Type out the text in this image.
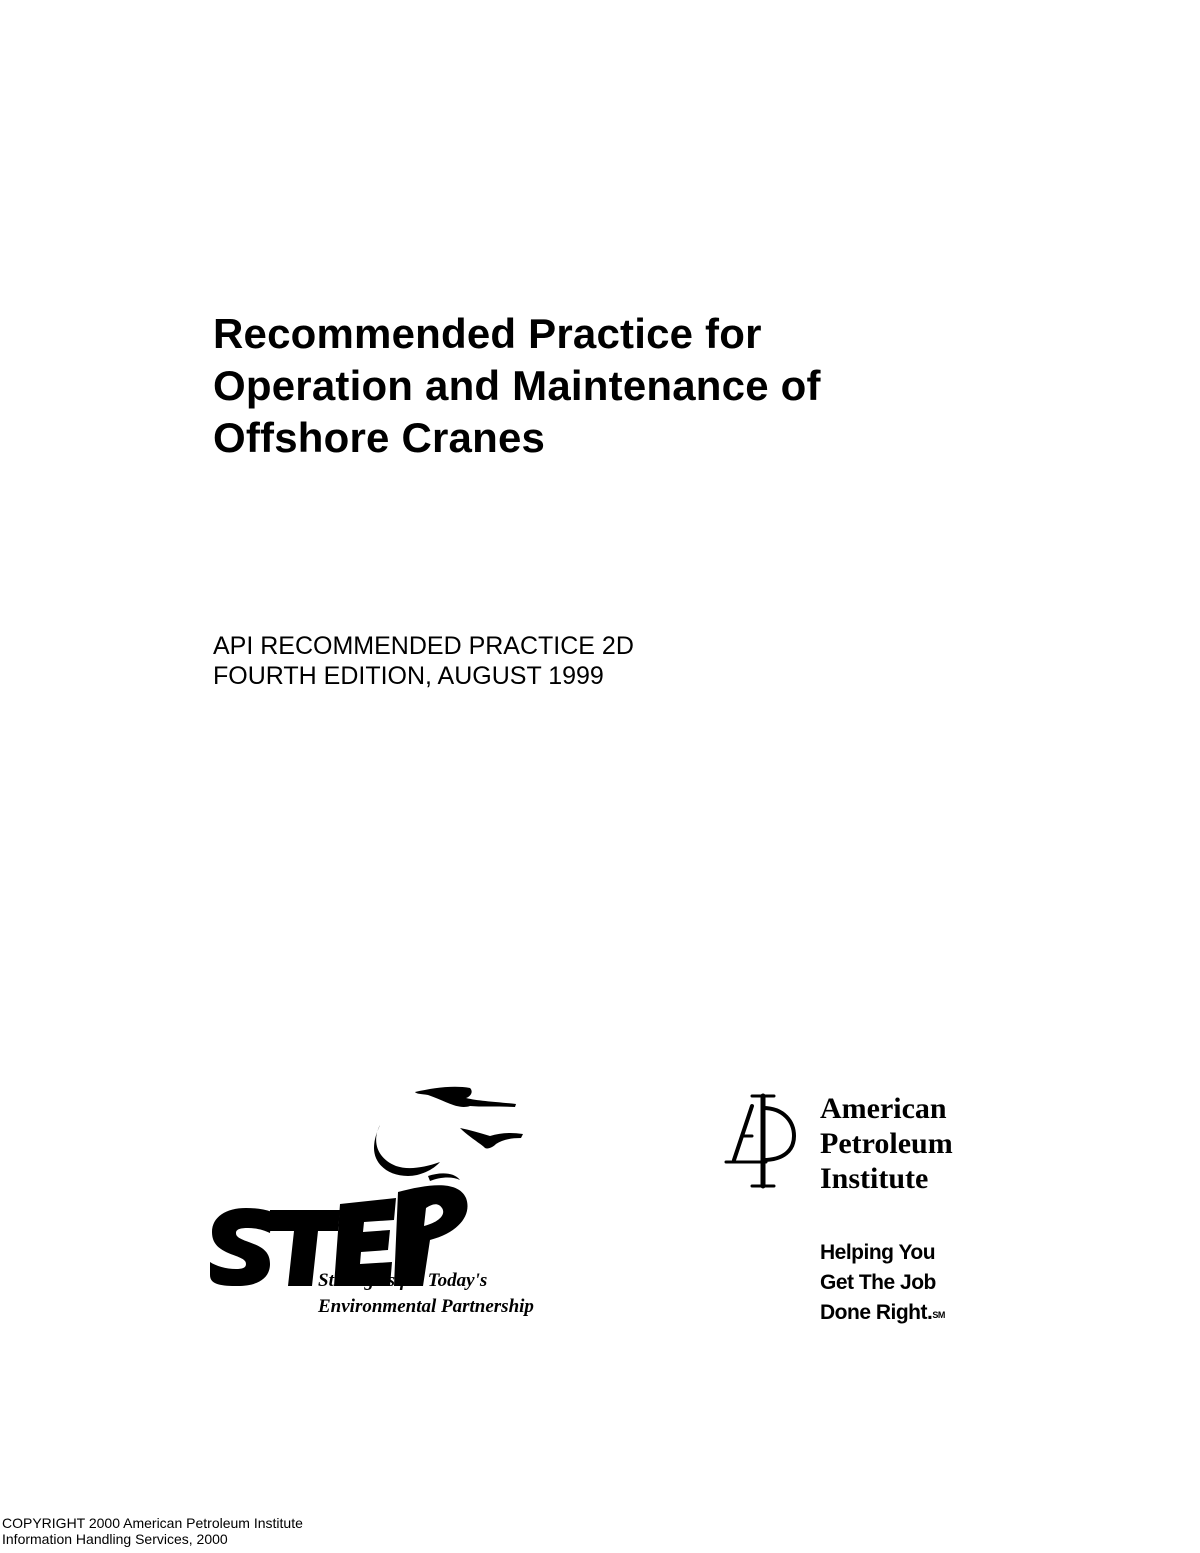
Recommended Practice for
Operation and Maintenance of
Offshore Cranes
API RECOMMENDED PRACTICE 2D
FOURTH EDITION, AUGUST 1999
Strategies for Today's
Environmental Partnership
American
Petroleum
Institute
Helping You
Get The Job
Done Right.℠
COPYRIGHT 2000 American Petroleum Institute
Information Handling Services, 2000
